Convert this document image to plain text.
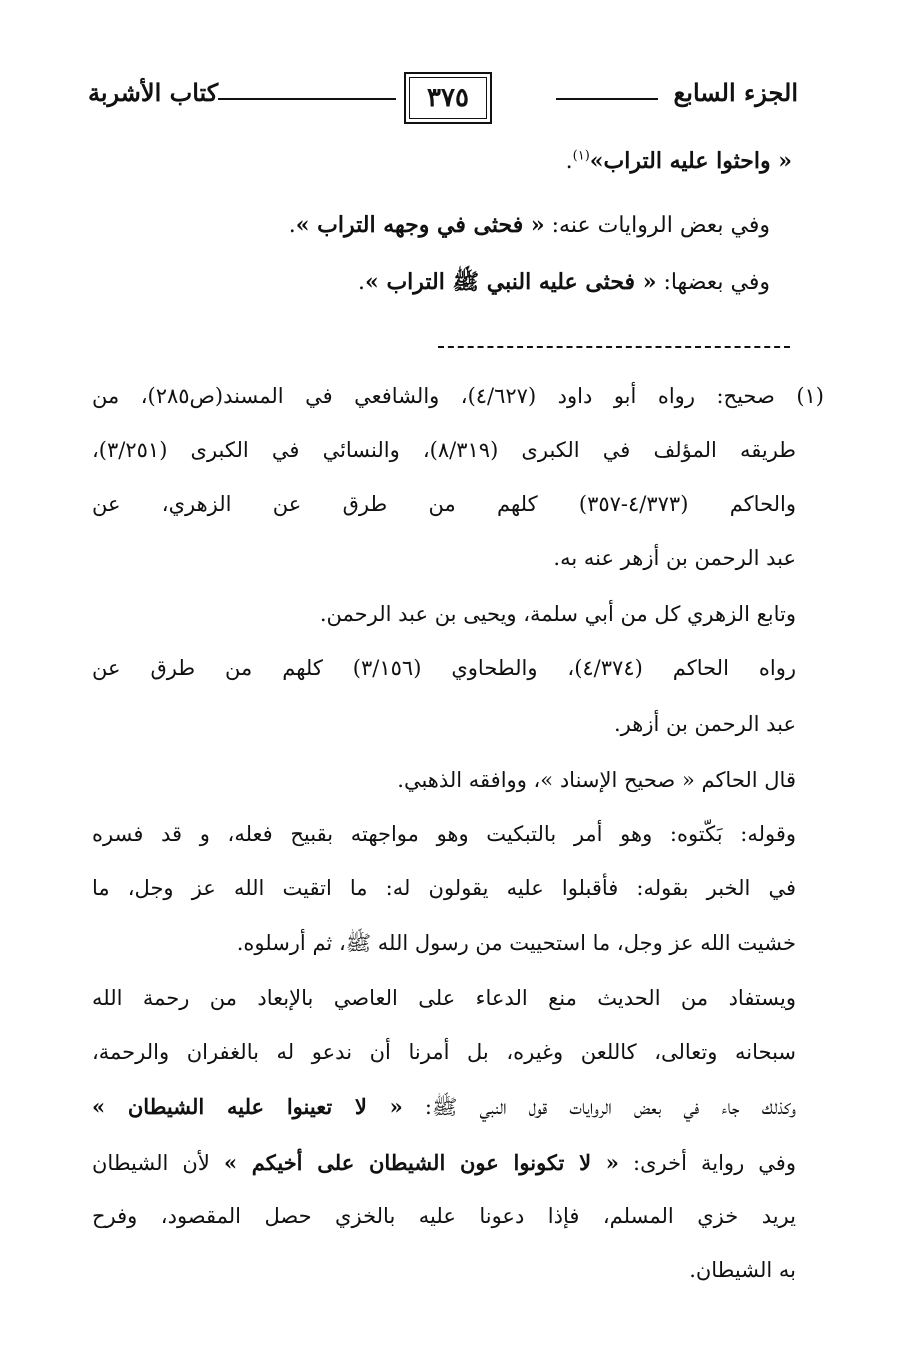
الجزء السابع
٣٧٥
كتاب الأشربة
« واحثوا عليه التراب»$^{(١)}$.
وفي بعض الروايات عنه: « فحثى في وجهه التراب ».
وفي بعضها: « فحثى عليه النبي ﷺ التراب ».
(١) صحيح: رواه أبو داود (٤/٦٢٧)، والشافعي في المسند(ص٢٨٥)، من
طريقه المؤلف في الكبرى (٨/٣١٩)، والنسائي في الكبرى (٣/٢٥١)،
والحاكم (٤/٣٧٣-٣٥٧) كلهم من طرق عن الزهري، عن
عبد الرحمن بن أزهر عنه به.
وتابع الزهري كل من أبي سلمة، ويحيى بن عبد الرحمن.
رواه الحاكم (٤/٣٧٤)، والطحاوي (٣/١٥٦) كلهم من طرق عن
عبد الرحمن بن أزهر.
قال الحاكم « صحيح الإسناد »، ووافقه الذهبي.
وقوله: بَكّتوه: وهو أمر بالتبكيت وهو مواجهته بقبيح فعله، و قد فسره
في الخبر بقوله: فأقبلوا عليه يقولون له: ما اتقيت الله عز وجل، ما
خشيت الله عز وجل، ما استحييت من رسول الله ﷺ، ثم أرسلوه.
ويستفاد من الحديث منع الدعاء على العاصي بالإبعاد من رحمة الله
سبحانه وتعالى، كاللعن وغيره، بل أمرنا أن ندعو له بالغفران والرحمة،
وكذلك جاء في بعض الروايات قول النبي ﷺ: « لا تعينوا عليه الشيطان »
وفي رواية أخرى: « لا تكونوا عون الشيطان على أخيكم » لأن الشيطان
يريد خزي المسلم، فإذا دعونا عليه بالخزي حصل المقصود، وفرح
به الشيطان.
